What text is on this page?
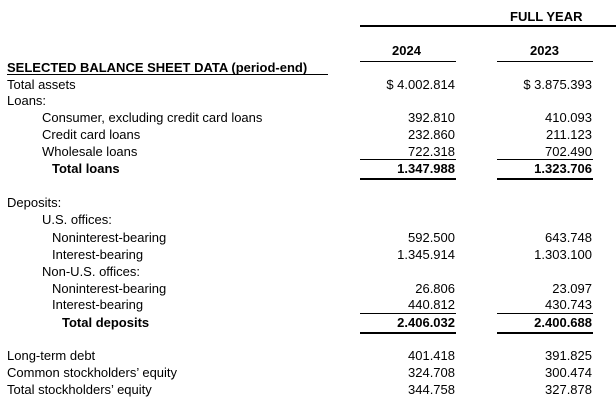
FULL YEAR
2024	2023
SELECTED BALANCE SHEET DATA (period-end)
Total assets	$ 4.002.814	$ 3.875.393
Loans:
Consumer, excluding credit card loans	392.810	410.093
Credit card loans	232.860	211.123
Wholesale loans	722.318	702.490
Total loans	1.347.988	1.323.706
Deposits:
U.S. offices:
Noninterest-bearing	592.500	643.748
Interest-bearing	1.345.914	1.303.100
Non-U.S. offices:
Noninterest-bearing	26.806	23.097
Interest-bearing	440.812	430.743
Total deposits	2.406.032	2.400.688
Long-term debt	401.418	391.825
Common stockholders’ equity	324.708	300.474
Total stockholders’ equity	344.758	327.878
